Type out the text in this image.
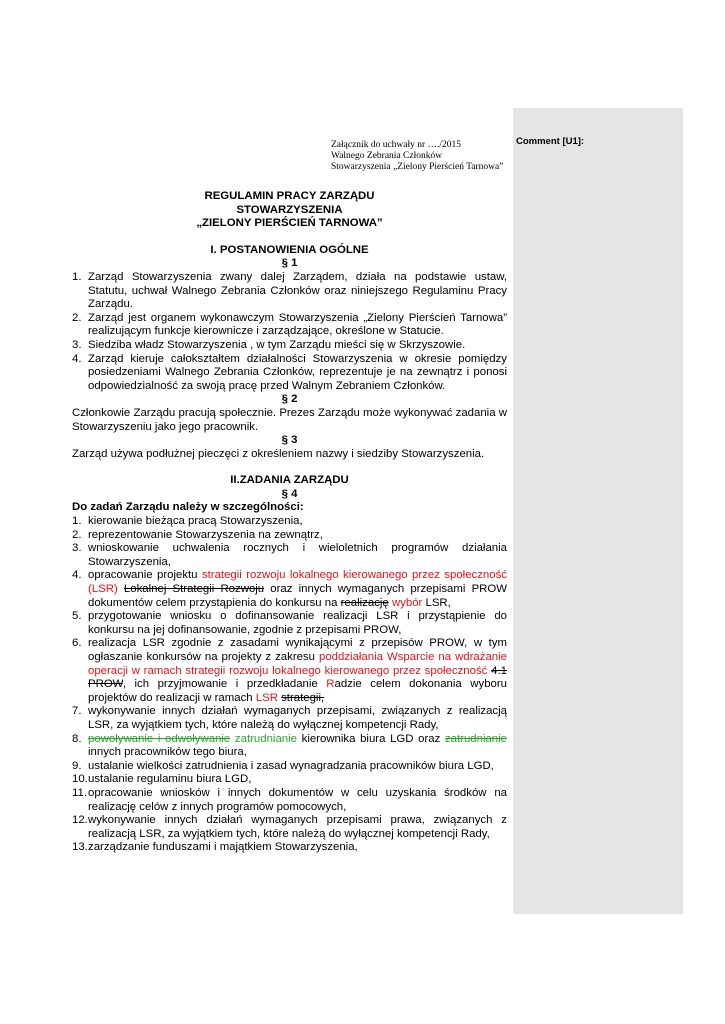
Comment [U1]:
Załącznik do uchwały nr …./2015
Walnego Zebrania Członków
Stowarzyszenia „Zielony Pierścień Tarnowa”
REGULAMIN PRACY ZARZĄDU
STOWARZYSZENIA
„ZIELONY PIERŚCIEŃ TARNOWA”
I. POSTANOWIENIA OGÓLNE
§ 1
1. Zarząd Stowarzyszenia zwany dalej Zarządem, działa na podstawie ustaw, Statutu, uchwał Walnego Zebrania Członków oraz niniejszego Regulaminu Pracy Zarządu.
2. Zarząd jest organem wykonawczym Stowarzyszenia „Zielony Pierścień Tarnowa” realizującym funkcje kierownicze i zarządzające, określone w Statucie.
3. Siedziba władz Stowarzyszenia , w tym Zarządu mieści się w Skrzyszowie.
4. Zarząd kieruje całokształtem działalności Stowarzyszenia w okresie pomiędzy posiedzeniami Walnego Zebrania Członków, reprezentuje je na zewnątrz i ponosi odpowiedzialność za swoją pracę przed Walnym Zebraniem Członków.
§ 2
Członkowie Zarządu pracują społecznie. Prezes Zarządu może wykonywać zadania w Stowarzyszeniu jako jego pracownik.
§ 3
Zarząd używa podłużnej pieczęci z określeniem nazwy i siedziby Stowarzyszenia.
II.ZADANIA ZARZĄDU
§ 4
Do zadań Zarządu należy w szczególności:
1. kierowanie bieżąca pracą Stowarzyszenia,
2. reprezentowanie Stowarzyszenia na zewnątrz,
3. wnioskowanie uchwalenia rocznych i wieloletnich programów działania Stowarzyszenia,
4. opracowanie projektu strategii rozwoju lokalnego kierowanego przez społeczność (LSR) Lokalnej Strategii Rozwoju oraz innych wymaganych przepisami PROW dokumentów celem przystąpienia do konkursu na realizację wybór LSR,
5. przygotowanie wniosku o dofinansowanie realizacji LSR i przystąpienie do konkursu na jej dofinansowanie, zgodnie z przepisami PROW,
6. realizacja LSR zgodnie z zasadami wynikającymi z przepisów PROW, w tym ogłaszanie konkursów na projekty z zakresu poddziałania Wsparcie na wdrażanie operacji w ramach strategii rozwoju lokalnego kierowanego przez społeczność 4.1 PROW, ich przyjmowanie i przedkładanie Radzie celem dokonania wyboru projektów do realizacji w ramach LSR strategii,
7. wykonywanie innych działań wymaganych przepisami, związanych z realizacją LSR, za wyjątkiem tych, które należą do wyłącznej kompetencji Rady,
8. powoływanie i odwoływanie zatrudnianie kierownika biura LGD oraz zatrudnianie innych pracowników tego biura,
9. ustalanie wielkości zatrudnienia i zasad wynagradzania pracowników biura LGD,
10. ustalanie regulaminu biura LGD,
11. opracowanie wniosków i innych dokumentów w celu uzyskania środków na realizację celów z innych programów pomocowych,
12. wykonywanie innych działań wymaganych przepisami prawa, związanych z realizacją LSR, za wyjątkiem tych, które należą do wyłącznej kompetencji Rady,
13. zarządzanie funduszami i majątkiem Stowarzyszenia,
